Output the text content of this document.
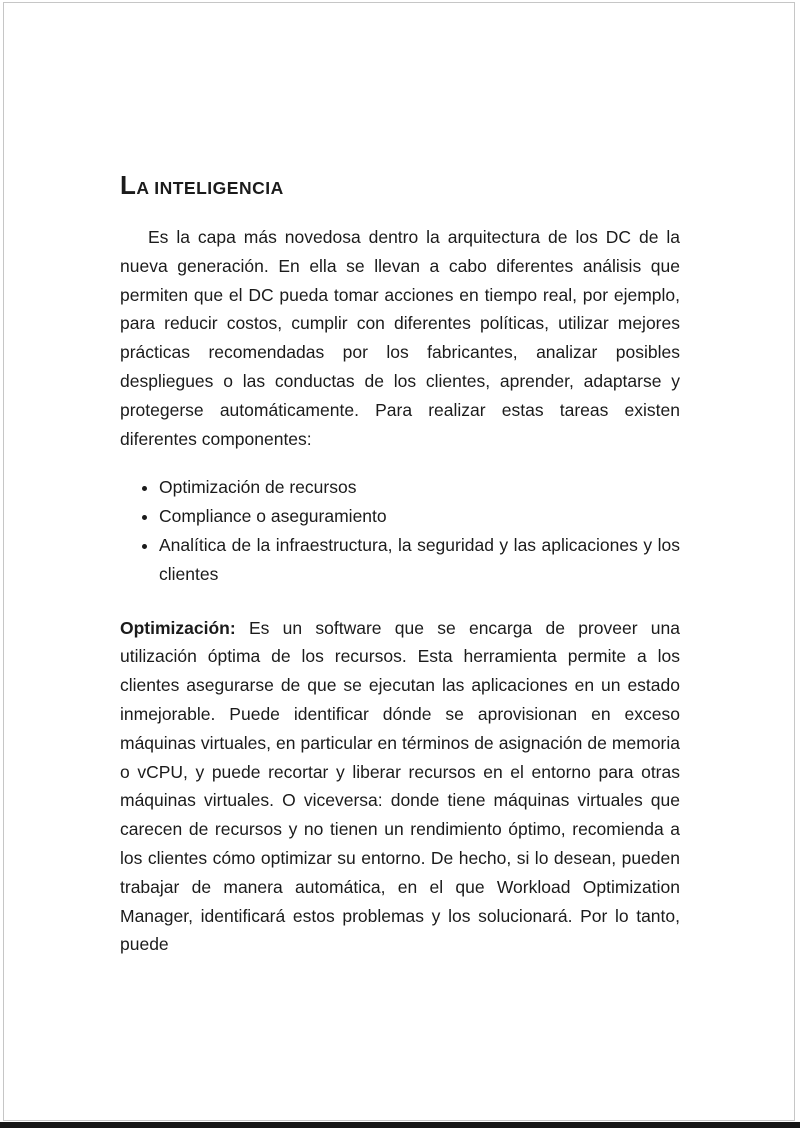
LA INTELIGENCIA

Es la capa más novedosa dentro la arquitectura de los DC de la nueva generación. En ella se llevan a cabo diferentes análisis que permiten que el DC pueda tomar acciones en tiempo real, por ejemplo, para reducir costos, cumplir con diferentes políticas, utilizar mejores prácticas recomendadas por los fabricantes, analizar posibles despliegues o las conductas de los clientes, aprender, adaptarse y protegerse automáticamente. Para realizar estas tareas existen diferentes componentes:

• Optimización de recursos
• Compliance o aseguramiento
• Analítica de la infraestructura, la seguridad y las aplicaciones y los clientes

Optimización: Es un software que se encarga de proveer una utilización óptima de los recursos. Esta herramienta permite a los clientes asegurarse de que se ejecutan las aplicaciones en un estado inmejorable. Puede identificar dónde se aprovisionan en exceso máquinas virtuales, en particular en términos de asignación de memoria o vCPU, y puede recortar y liberar recursos en el entorno para otras máquinas virtuales. O viceversa: donde tiene máquinas virtuales que carecen de recursos y no tienen un rendimiento óptimo, recomienda a los clientes cómo optimizar su entorno. De hecho, si lo desean, pueden trabajar de manera automática, en el que Workload Optimization Manager, identificará estos problemas y los solucionará. Por lo tanto, puede
